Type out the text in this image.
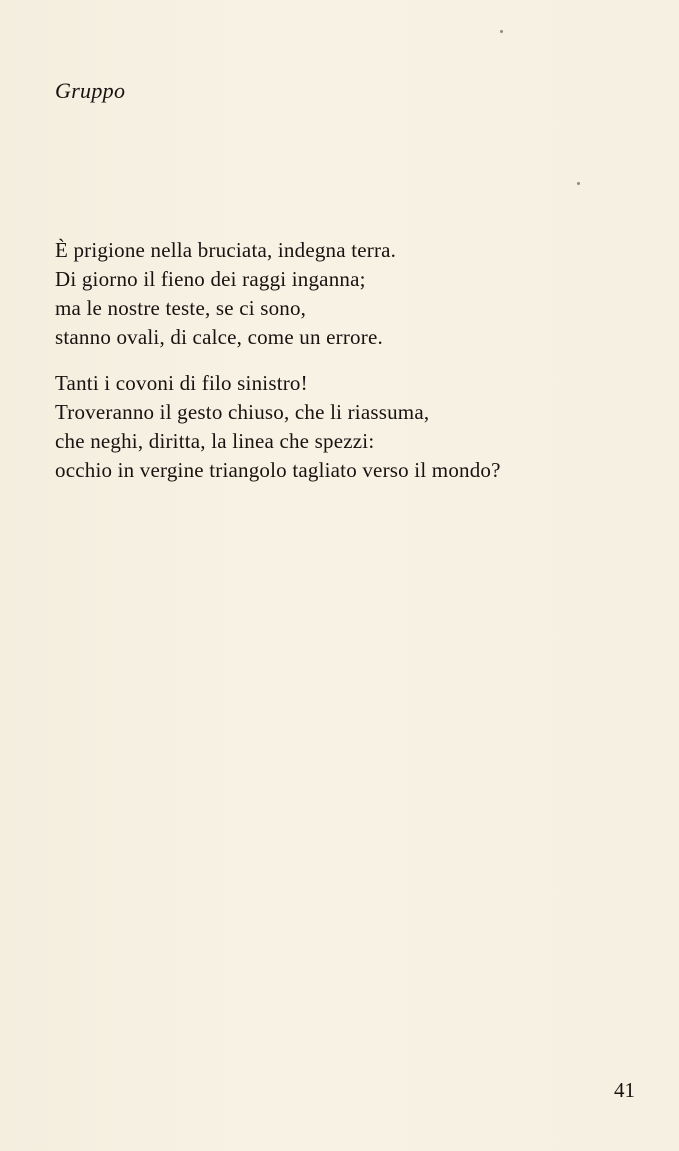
Gruppo
È prigione nella bruciata, indegna terra.
Di giorno il fieno dei raggi inganna;
ma le nostre teste, se ci sono,
stanno ovali, di calce, come un errore.
Tanti i covoni di filo sinistro!
Troveranno il gesto chiuso, che li riassuma,
che neghi, diritta, la linea che spezzi:
occhio in vergine triangolo tagliato verso il mondo?
41
